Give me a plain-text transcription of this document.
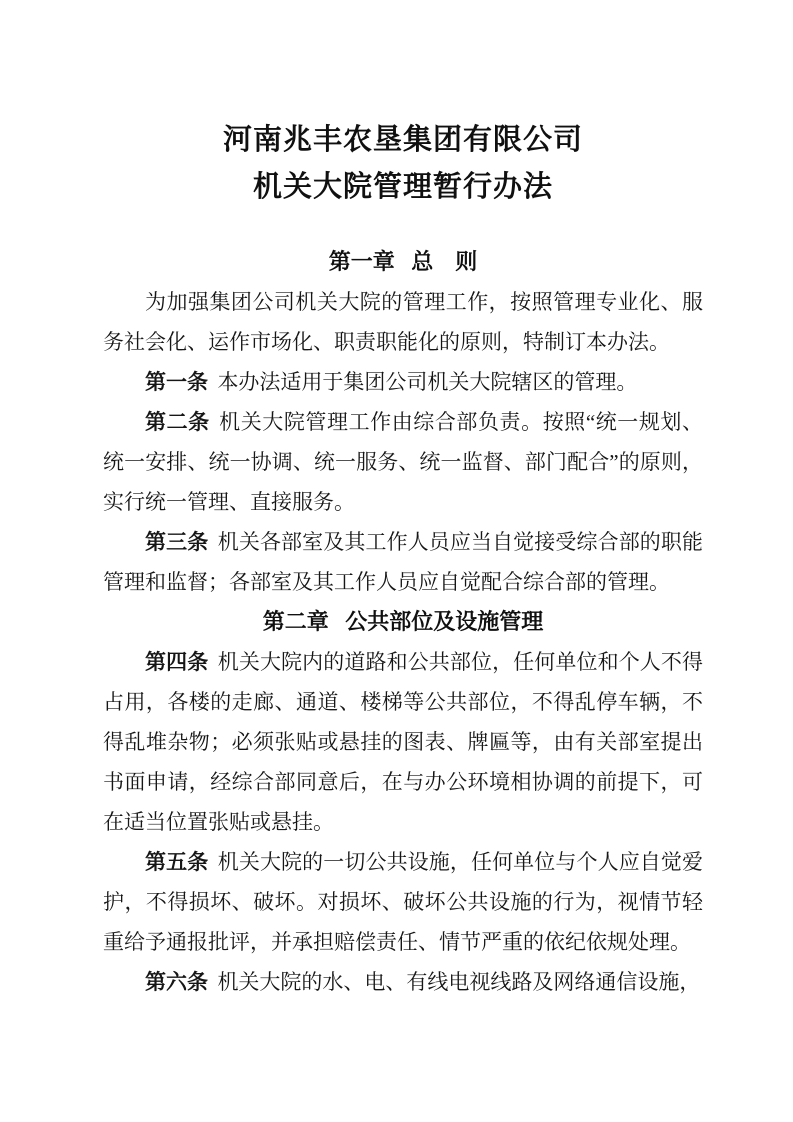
河南兆丰农垦集团有限公司
机关大院管理暂行办法
第一章 总　则

为加强集团公司机关大院的管理工作，按照管理专业化、服务社会化、运作市场化、职责职能化的原则，特制订本办法。

第一条 本办法适用于集团公司机关大院辖区的管理。

第二条 机关大院管理工作由综合部负责。按照“统一规划、统一安排、统一协调、统一服务、统一监督、部门配合”的原则，实行统一管理、直接服务。

第三条 机关各部室及其工作人员应当自觉接受综合部的职能管理和监督；各部室及其工作人员应自觉配合综合部的管理。

第二章 公共部位及设施管理

第四条 机关大院内的道路和公共部位，任何单位和个人不得占用，各楼的走廊、通道、楼梯等公共部位，不得乱停车辆，不得乱堆杂物；必须张贴或悬挂的图表、牌匾等，由有关部室提出书面申请，经综合部同意后，在与办公环境相协调的前提下，可在适当位置张贴或悬挂。

第五条 机关大院的一切公共设施，任何单位与个人应自觉爱护，不得损坏、破坏。对损坏、破坏公共设施的行为，视情节轻重给予通报批评，并承担赔偿责任、情节严重的依纪依规处理。

第六条 机关大院的水、电、有线电视线路及网络通信设施，
